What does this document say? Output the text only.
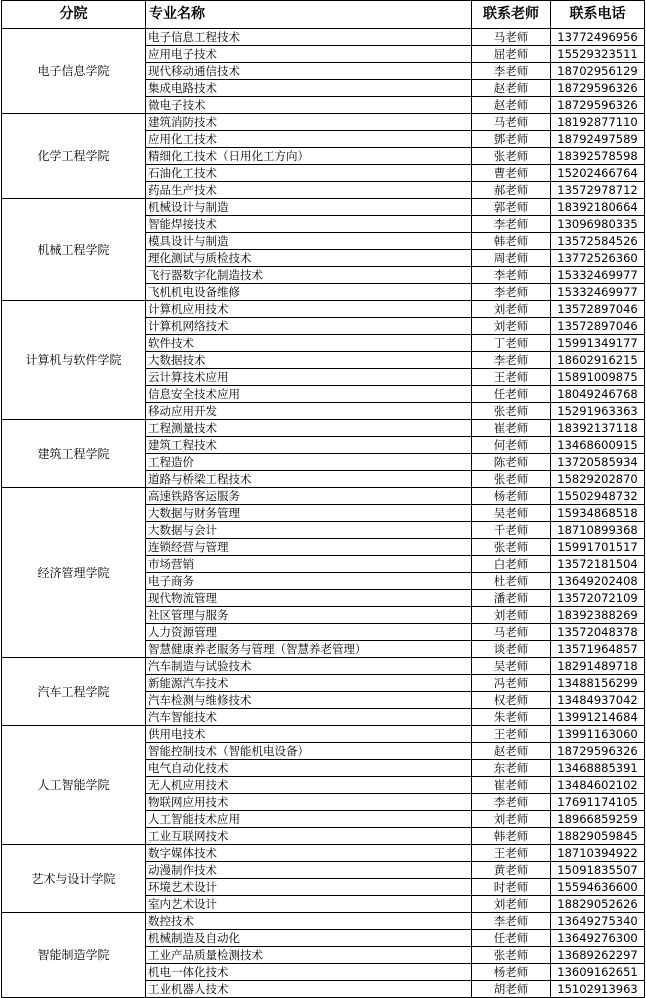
分院	专业名称	联系老师	联系电话
电子信息学院	电子信息工程技术	马老师	13772496956
	应用电子技术	屈老师	15529323511
	现代移动通信技术	李老师	18702956129
	集成电路技术	赵老师	18729596326
	微电子技术	赵老师	18729596326
化学工程学院	建筑消防技术	马老师	18192877110
	应用化工技术	鄧老师	18792497589
	精细化工技术（日用化工方向）	张老师	18392578598
	石油化工技术	曹老师	15202466764
	药品生产技术	郝老师	13572978712
机械工程学院	机械设计与制造	郭老师	18392180664
	智能焊接技术	李老师	13096980335
	模具设计与制造	韩老师	13572584526
	理化测试与质检技术	周老师	13772526360
	飞行器数字化制造技术	李老师	15332469977
	飞机机电设备维修	李老师	15332469977
计算机与软件学院	计算机应用技术	刘老师	13572897046
	计算机网络技术	刘老师	13572897046
	软件技术	丁老师	15991349177
	大数据技术	李老师	18602916215
	云计算技术应用	王老师	15891009875
	信息安全技术应用	任老师	18049246768
	移动应用开发	张老师	15291963363
建筑工程学院	工程测量技术	崔老师	18392137118
	建筑工程技术	何老师	13468600915
	工程造价	陈老师	13720585934
	道路与桥梁工程技术	张老师	15829202870
经济管理学院	高速铁路客运服务	杨老师	15502948732
	大数据与财务管理	吴老师	15934868518
	大数据与会计	千老师	18710899368
	连锁经营与管理	张老师	15991701517
	市场营销	白老师	13572181504
	电子商务	杜老师	13649202408
	现代物流管理	潘老师	13572072109
	社区管理与服务	刘老师	18392388269
	人力资源管理	马老师	13572048378
	智慧健康养老服务与管理（智慧养老管理）	谈老师	13571964857
汽车工程学院	汽车制造与试验技术	吴老师	18291489718
	新能源汽车技术	冯老师	13488156299
	汽车检测与维修技术	权老师	13484937042
	汽车智能技术	朱老师	13991214684
人工智能学院	供用电技术	王老师	13991163060
	智能控制技术（智能机电设备）	赵老师	18729596326
	电气自动化技术	东老师	13468885391
	无人机应用技术	崔老师	13484602102
	物联网应用技术	李老师	17691174105
	人工智能技术应用	刘老师	18966859259
	工业互联网技术	韩老师	18829059845
艺术与设计学院	数字媒体技术	王老师	18710394922
	动漫制作技术	黄老师	15091835507
	环境艺术设计	时老师	15594636600
	室内艺术设计	刘老师	18829052626
智能制造学院	数控技术	李老师	13649275340
	机械制造及自动化	任老师	13649276300
	工业产品质量检测技术	张老师	13689262297
	机电一体化技术	杨老师	13609162651
	工业机器人技术	胡老师	15102913963
